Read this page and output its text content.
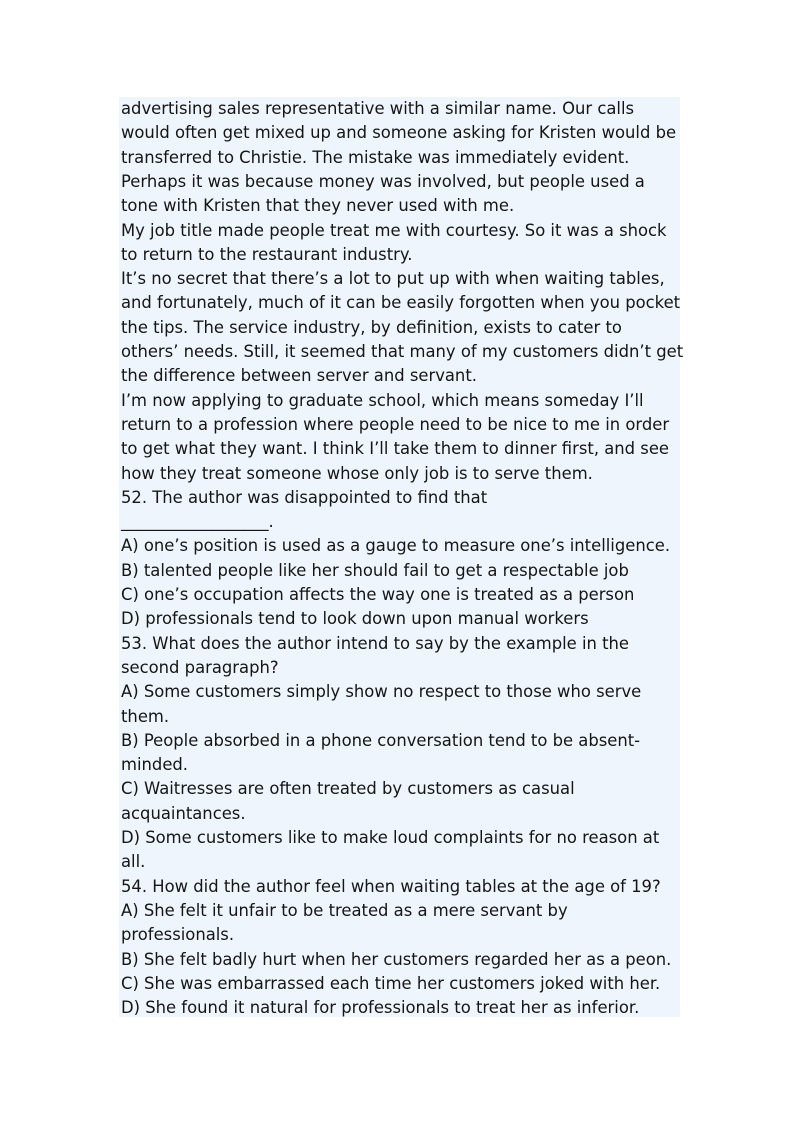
advertising sales representative with a similar name. Our calls
would often get mixed up and someone asking for Kristen would be
transferred to Christie. The mistake was immediately evident.
Perhaps it was because money was involved, but people used a
tone with Kristen that they never used with me.
My job title made people treat me with courtesy. So it was a shock
to return to the restaurant industry.
It’s no secret that there’s a lot to put up with when waiting tables,
and fortunately, much of it can be easily forgotten when you pocket
the tips. The service industry, by definition, exists to cater to
others’ needs. Still, it seemed that many of my customers didn’t get
the difference between server and servant.
I’m now applying to graduate school, which means someday I’ll
return to a profession where people need to be nice to me in order
to get what they want. I think I’ll take them to dinner first, and see
how they treat someone whose only job is to serve them.
52. The author was disappointed to find that
__________________.
A) one’s position is used as a gauge to measure one’s intelligence.
B) talented people like her should fail to get a respectable job
C) one’s occupation affects the way one is treated as a person
D) professionals tend to look down upon manual workers
53. What does the author intend to say by the example in the
second paragraph?
A) Some customers simply show no respect to those who serve
them.
B) People absorbed in a phone conversation tend to be absent-
minded.
C) Waitresses are often treated by customers as casual
acquaintances.
D) Some customers like to make loud complaints for no reason at
all.
54. How did the author feel when waiting tables at the age of 19?
A) She felt it unfair to be treated as a mere servant by
professionals.
B) She felt badly hurt when her customers regarded her as a peon.
C) She was embarrassed each time her customers joked with her.
D) She found it natural for professionals to treat her as inferior.
